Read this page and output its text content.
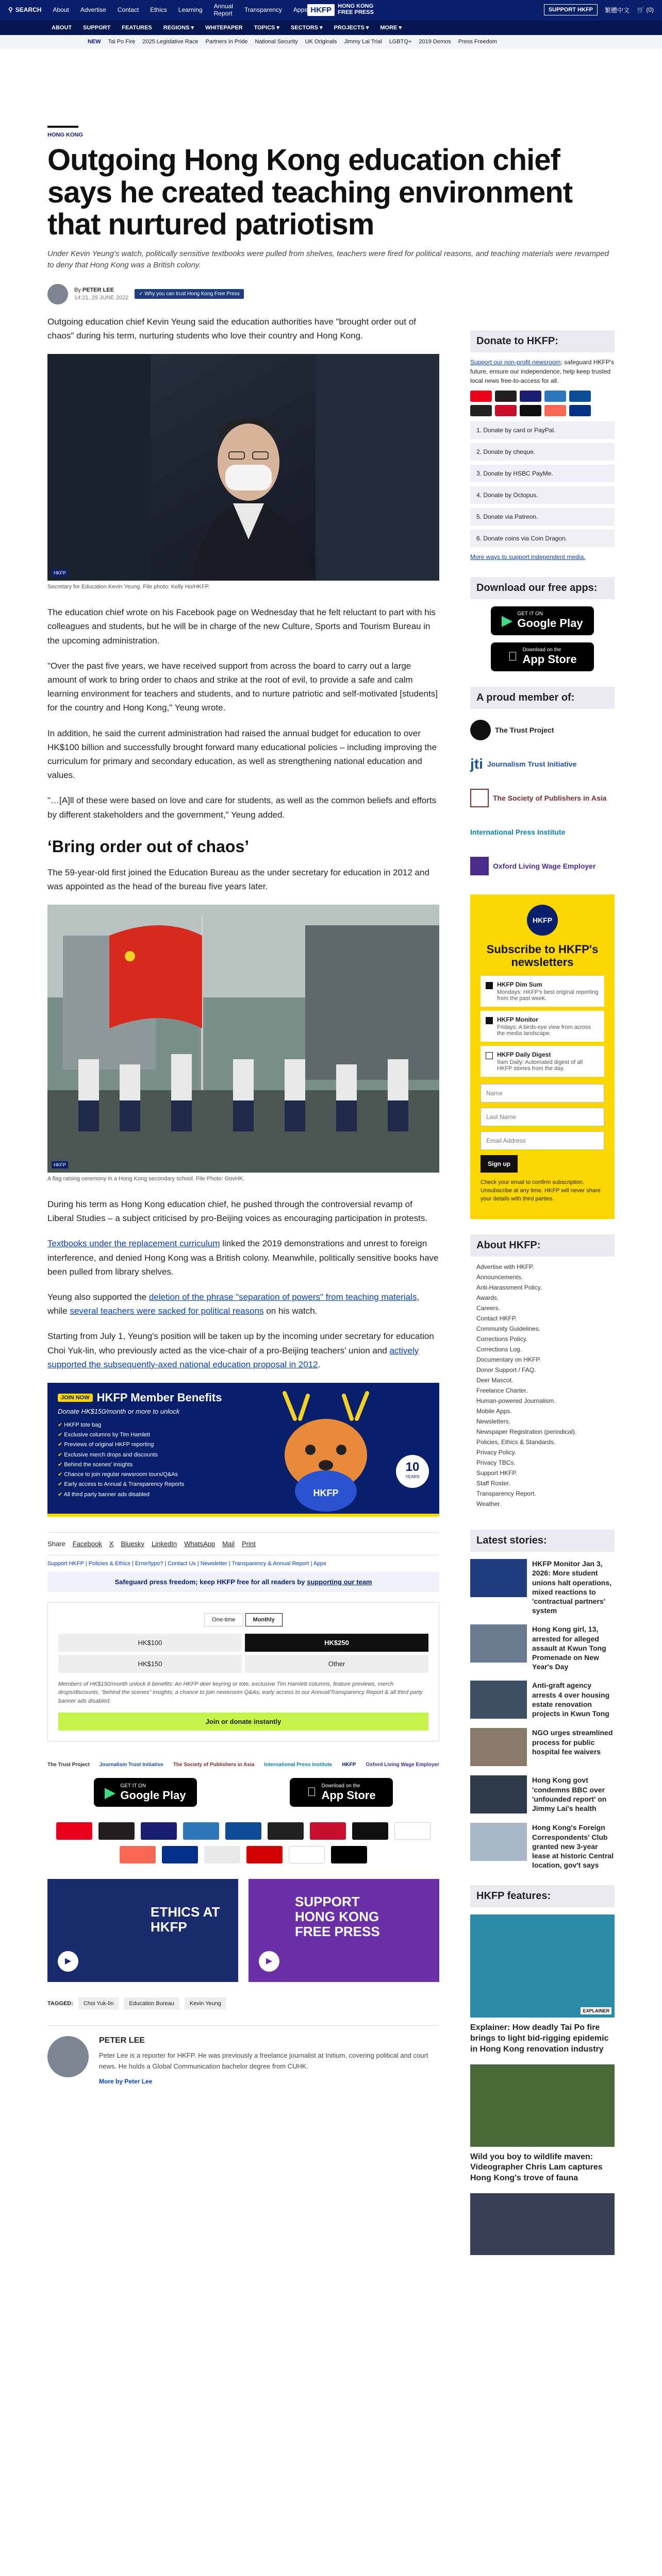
⚲ SEARCH About Advertise Contact Ethics Learning Annual Report Transparency Apps HKFP	HONG KONG
FREE PRESS	SUPPORT HKFP	繁體中文 🛒 (0)
ABOUT SUPPORT FEATURES REGIONS ▾ WHITEPAPER TOPICS ▾ SECTORS ▾ PROJECTS ▾ MORE ▾
NEW Tai Po Fire 2025 Legislative Race Partners in Pride National Security UK Originals Jimmy Lai Trial LGBTQ+ 2019 Demos Press Freedom
HONG KONG
Outgoing Hong Kong education chief says he created teaching environment that nurtured patriotism

Under Kevin Yeung's watch, politically sensitive textbooks were pulled from shelves, teachers were fired for political reasons, and teaching materials were revamped to deny that Hong Kong was a British colony.

By PETER LEE
14:21, 29 JUNE 2022
✓ Why you can trust Hong Kong Free Press

Outgoing education chief Kevin Yeung said the education authorities have "brought order out of chaos" during his term, nurturing students who love their country and Hong Kong.

HKFP
Secretary for Education Kevin Yeung. File photo: Kelly Ho/HKFP.

The education chief wrote on his Facebook page on Wednesday that he felt reluctant to part with his colleagues and students, but he will be in charge of the new Culture, Sports and Tourism Bureau in the upcoming administration.

"Over the past five years, we have received support from across the board to carry out a large amount of work to bring order to chaos and strike at the root of evil, to provide a safe and calm learning environment for teachers and students, and to nurture patriotic and self-motivated [students] for the country and Hong Kong," Yeung wrote.

In addition, he said the current administration had raised the annual budget for education to over HK$100 billion and successfully brought forward many educational policies – including improving the curriculum for primary and secondary education, as well as strengthening national education and values.

"…[A]ll of these were based on love and care for students, as well as the common beliefs and efforts by different stakeholders and the government," Yeung added.

‘Bring order out of chaos’

The 59-year-old first joined the Education Bureau as the under secretary for education in 2012 and was appointed as the head of the bureau five years later.

HKFP
A flag raising ceremony in a Hong Kong secondary school. File Photo: GovHK.

During his term as Hong Kong education chief, he pushed through the controversial revamp of Liberal Studies – a subject criticised by pro-Beijing voices as encouraging participation in protests.

Textbooks under the replacement curriculum linked the 2019 demonstrations and unrest to foreign interference, and denied Hong Kong was a British colony. Meanwhile, politically sensitive books have been pulled from library shelves.

Yeung also supported the deletion of the phrase "separation of powers" from teaching materials, while several teachers were sacked for political reasons on his watch.

Starting from July 1, Yeung's position will be taken up by the incoming under secretary for education Choi Yuk-lin, who previously acted as the vice-chair of a pro-Beijing teachers' union and actively supported the subsequently-axed national education proposal in 2012.

JOIN NOW HKFP Member Benefits
Donate HK$150/month or more to unlock
✔ HKFP tote bag
✔ Exclusive columns by Tim Hamlett
✔ Previews of original HKFP reporting
✔ Exclusive merch drops and discounts
✔ Behind the scenes' insights
✔ Chance to join regular newsroom tours/Q&As
✔ Early access to Annual & Transparency Reports
✔ All third party banner ads disabled	HKFP
10
YEARS
Share Facebook X Bluesky LinkedIn WhatsApp Mail Print
Support HKFP | Policies & Ethics | Error/typo? | Contact Us | Newsletter | Transparency & Annual Report | Apps
Safeguard press freedom; keep HKFP free for all readers by supporting our team
One-time	Monthly
HK$100	HK$250
HK$150	Other

Members of HK$150/month unlock 8 benefits: An HKFP deer keyring or tote, exclusive Tim Hamlett columns, feature previews, merch drops/discounts, "behind the scenes" insights, a chance to join newsroom Q&As, early access to our Annual/Transparency Report & all third party banner ads disabled.

Join or donate instantly
The Trust Project Journalism Trust Initiative The Society of Publishers in Asia International Press Institute HKFP Oxford Living Wage Employer
▶ GET IT ON
Google Play
Download on the
App Store
ETHICS AT HKFP
▶
SUPPORT HONG KONG FREE PRESS
▶
TAGGED:	Choi Yuk-lin	Education Bureau	Kevin Yeung
PETER LEE

Peter Lee is a reporter for HKFP. He was previously a freelance journalist at Initium, covering political and court news. He holds a Global Communication bachelor degree from CUHK.

More by Peter Lee
Donate to HKFP:

Support our non-profit newsroom; safeguard HKFP's future, ensure our independence, help keep trusted local news free-to-access for all.

1. Donate by card or PayPal.
2. Donate by cheque.
3. Donate by HSBC PayMe.
4. Donate by Octopus.
5. Donate via Patreon.
6. Donate coins via Coin Dragon.

More ways to support independent media.

Download our free apps:
▶ GET IT ON
Google Play
Download on the
App Store
A proud member of:
The Trust Project
jti Journalism Trust Initiative
The Society of Publishers in Asia
International Press Institute
Oxford Living Wage Employer
HKFP
Subscribe to HKFP's newsletters
HKFP Dim Sum
Mondays: HKFP's best original reporting from the past week.
HKFP Monitor
Fridays: A birds-eye view from across the media landscape.
HKFP Daily Digest
9am Daily: Automated digest of all HKFP stories from the day.
Name
Last Name
Email Address
Sign up

Check your email to confirm subscription. Unsubscribe at any time. HKFP will never share your details with third parties.

About HKFP:
Advertise with HKFP.
Announcements.
Anti-Harassment Policy.
Awards.
Careers.
Contact HKFP.
Community Guidelines.
Corrections Policy.
Corrections Log.
Documentary on HKFP.
Donor Support / FAQ.
Deer Mascot.
Freelance Charter.
Human-powered Journalism.
Mobile Apps.
Newsletters.
Newspaper Registration (periodical).
Policies, Ethics & Standards.
Privacy Policy.
Privacy TBCs.
Support HKFP.
Staff Roster.
Transparency Report.
Weather.
Latest stories:
HKFP Monitor Jan 3, 2026: More student unions halt operations, mixed reactions to 'contractual partners' system
Hong Kong girl, 13, arrested for alleged assault at Kwun Tong Promenade on New Year's Day
Anti-graft agency arrests 4 over housing estate renovation projects in Kwun Tong
NGO urges streamlined process for public hospital fee waivers
Hong Kong govt 'condemns BBC over 'unfounded report' on Jimmy Lai's health
Hong Kong's Foreign Correspondents' Club granted new 3-year lease at historic Central location, gov't says
HKFP features:
EXPLAINER
Explainer: How deadly Tai Po fire brings to light bid-rigging epidemic in Hong Kong renovation industry
Wild you boy to wildlife maven: Videographer Chris Lam captures Hong Kong's trove of fauna
